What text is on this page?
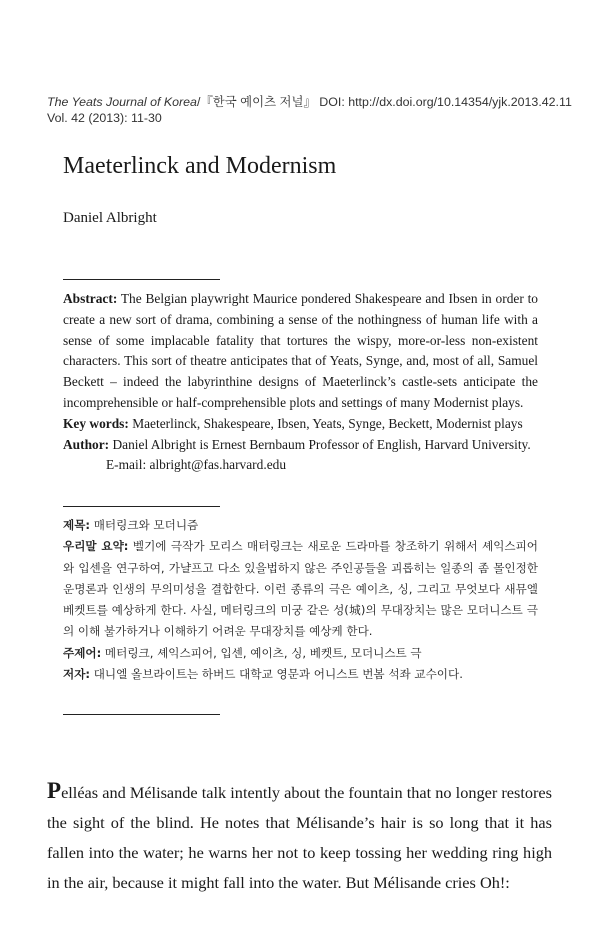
The Yeats Journal of Korea/『한국 예이츠 저널』 DOI: http://dx.doi.org/10.14354/yjk.2013.42.11
Vol. 42 (2013): 11-30
Maeterlinck and Modernism
Daniel Albright

Abstract: The Belgian playwright Maurice pondered Shakespeare and Ibsen in order to create a new sort of drama, combining a sense of the nothingness of human life with a sense of some implacable fatality that tortures the wispy, more-or-less non-existent characters. This sort of theatre anticipates that of Yeats, Synge, and, most of all, Samuel Beckett – indeed the labyrinthine designs of Maeterlinck’s castle-sets anticipate the incomprehensible or half-comprehensible plots and settings of many Modernist plays.

Key words: Maeterlinck, Shakespeare, Ibsen, Yeats, Synge, Beckett, Modernist plays

Author: Daniel Albright is Ernest Bernbaum Professor of English, Harvard University.

E-mail: albright@fas.harvard.edu

제목: 매터링크와 모더니즘

우리말 요약: 벨기에 극작가 모리스 매터링크는 새로운 드라마를 창조하기 위해서 셰익스피어와 입센을 연구하여, 가냘프고 다소 있을법하지 않은 주인공들을 괴롭히는 일종의 좀 몰인정한 운명론과 인생의 무의미성을 결합한다. 이런 종류의 극은 예이츠, 싱, 그리고 무엇보다 새뮤엘 베켓트를 예상하게 한다. 사실, 메터링크의 미궁 같은 성(城)의 무대장치는 많은 모더니스트 극의 이해 불가하거나 이해하기 어려운 무대장치를 예상케 한다.

주제어: 메터링크, 셰익스피어, 입센, 예이츠, 싱, 베켓트, 모더니스트 극

저자: 대니엘 올브라이트는 하버드 대학교 영문과 어니스트 번봄 석좌 교수이다.

Pelléas and Mélisande talk intently about the fountain that no longer restores the sight of the blind. He notes that Mélisande’s hair is so long that it has fallen into the water; he warns her not to keep tossing her wedding ring high in the air, because it might fall into the water. But Mélisande cries Oh!:
